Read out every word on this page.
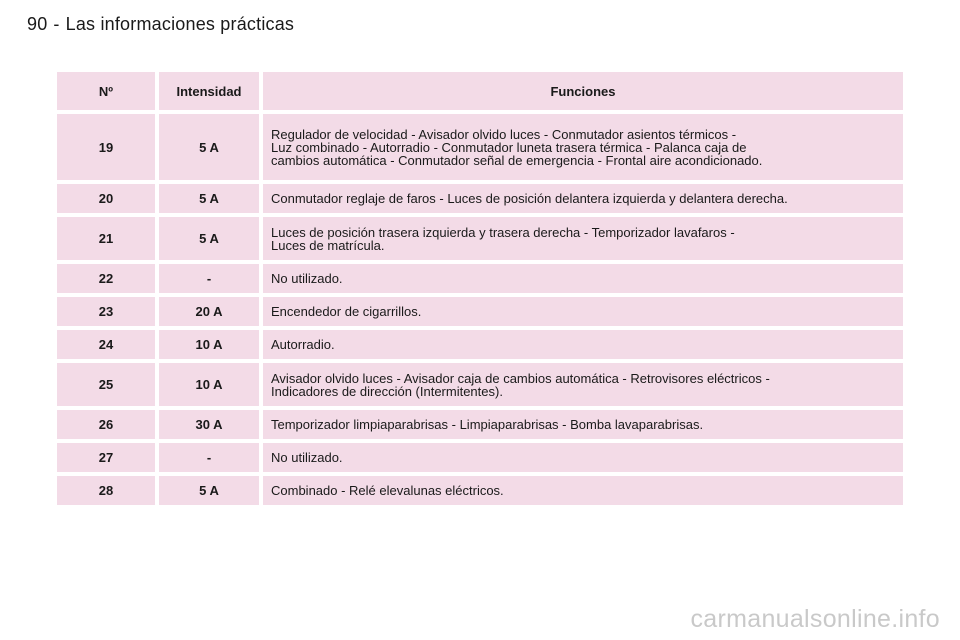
90 - Las informaciones prácticas
Nº	Intensidad	Funciones
19	5 A	Regulador de velocidad - Avisador olvido luces - Conmutador asientos térmicos -
Luz combinado - Autorradio - Conmutador luneta trasera térmica - Palanca caja de
cambios automática - Conmutador señal de emergencia - Frontal aire acondicionado.
20	5 A	Conmutador reglaje de faros - Luces de posición delantera izquierda y delantera derecha.
21	5 A	Luces de posición trasera izquierda y trasera derecha - Temporizador lavafaros -
Luces de matrícula.
22	-	No utilizado.
23	20 A	Encendedor de cigarrillos.
24	10 A	Autorradio.
25	10 A	Avisador olvido luces - Avisador caja de cambios automática - Retrovisores eléctricos -
Indicadores de dirección (Intermitentes).
26	30 A	Temporizador limpiaparabrisas - Limpiaparabrisas - Bomba lavaparabrisas.
27	-	No utilizado.
28	5 A	Combinado - Relé elevalunas eléctricos.
carmanualsonline.info
